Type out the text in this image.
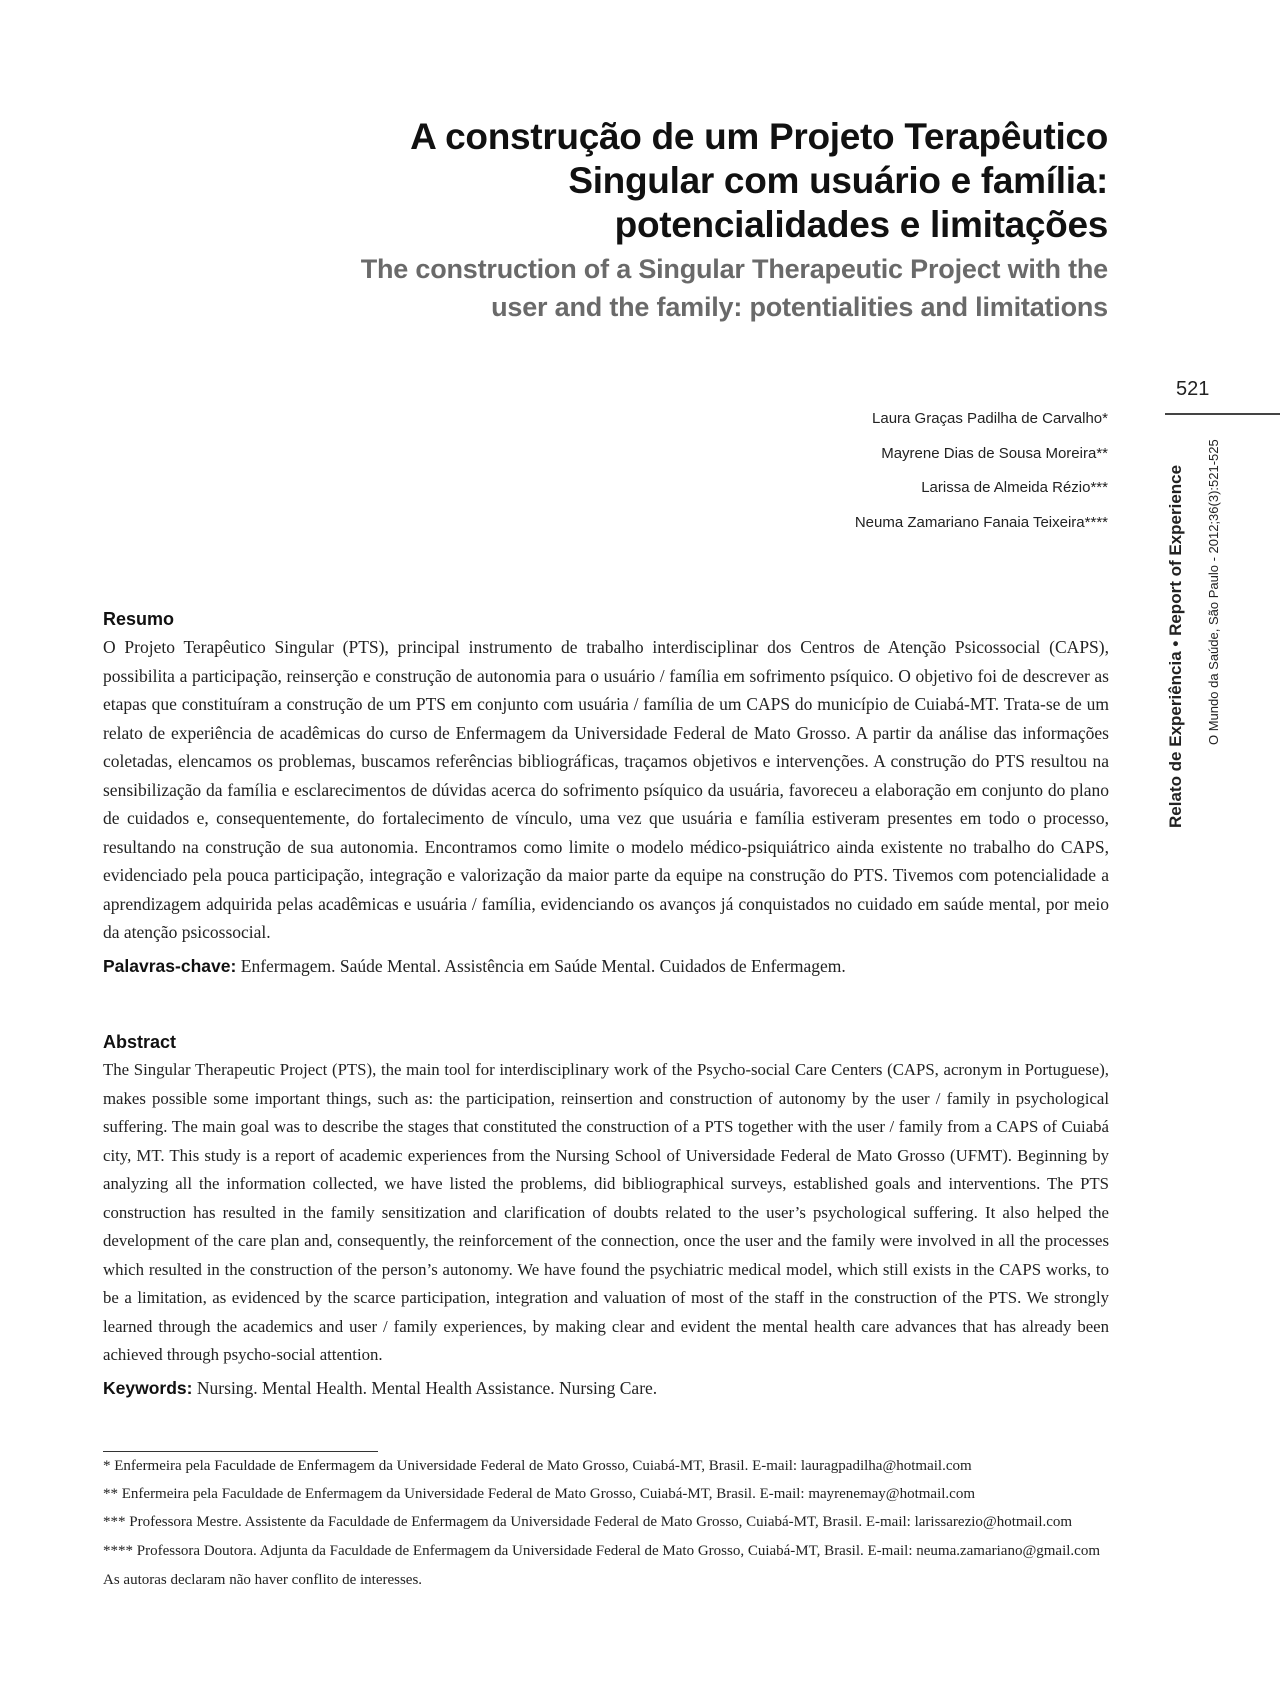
A construção de um Projeto Terapêutico
Singular com usuário e família:
potencialidades e limitações
The construction of a Singular Therapeutic Project with the
user and the family: potentialities and limitations
521
Laura Graças Padilha de Carvalho*
Mayrene Dias de Sousa Moreira**
Larissa de Almeida Rézio***
Neuma Zamariano Fanaia Teixeira****	Relato de Experiência • Report of Experience O Mundo da Saúde, São Paulo - 2012;36(3):521-525
Resumo
O Projeto Terapêutico Singular (PTS), principal instrumento de trabalho interdisciplinar dos Centros de Atenção Psicossocial (CAPS), possibilita a participação, reinserção e construção de autonomia para o usuário / família em sofrimento psíquico. O objetivo foi de descrever as etapas que constituíram a construção de um PTS em conjunto com usuária / família de um CAPS do município de Cuiabá-MT. Trata-se de um relato de experiência de acadêmicas do curso de Enfermagem da Universidade Federal de Mato Grosso. A partir da análise das informações coletadas, elencamos os problemas, buscamos referências bibliográficas, traçamos objetivos e intervenções. A construção do PTS resultou na sensibilização da família e esclarecimentos de dúvidas acerca do sofrimento psíquico da usuária, favoreceu a elaboração em conjunto do plano de cuidados e, consequentemente, do fortalecimento de vínculo, uma vez que usuária e família estiveram presentes em todo o processo, resultando na construção de sua autonomia. Encontramos como limite o modelo médico-psiquiátrico ainda existente no trabalho do CAPS, evidenciado pela pouca participação, integração e valorização da maior parte da equipe na construção do PTS. Tivemos com potencialidade a aprendizagem adquirida pelas acadêmicas e usuária / família, evidenciando os avanços já conquistados no cuidado em saúde mental, por meio da atenção psicossocial.
Palavras-chave: Enfermagem. Saúde Mental. Assistência em Saúde Mental. Cuidados de Enfermagem.
Abstract
The Singular Therapeutic Project (PTS), the main tool for interdisciplinary work of the Psycho-social Care Centers (CAPS, acronym in Portuguese), makes possible some important things, such as: the participation, reinsertion and construction of autonomy by the user / family in psychological suffering. The main goal was to describe the stages that constituted the construction of a PTS together with the user / family from a CAPS of Cuiabá city, MT. This study is a report of academic experiences from the Nursing School of Universidade Federal de Mato Grosso (UFMT). Beginning by analyzing all the information collected, we have listed the problems, did bibliographical surveys, established goals and interventions. The PTS construction has resulted in the family sensitization and clarification of doubts related to the user’s psychological suffering. It also helped the development of the care plan and, consequently, the reinforcement of the connection, once the user and the family were involved in all the processes which resulted in the construction of the person’s autonomy. We have found the psychiatric medical model, which still exists in the CAPS works, to be a limitation, as evidenced by the scarce participation, integration and valuation of most of the staff in the construction of the PTS. We strongly learned through the academics and user / family experiences, by making clear and evident the mental health care advances that has already been achieved through psycho-social attention.
Keywords: Nursing. Mental Health. Mental Health Assistance. Nursing Care.
* Enfermeira pela Faculdade de Enfermagem da Universidade Federal de Mato Grosso, Cuiabá-MT, Brasil. E-mail: lauragpadilha@hotmail.com
** Enfermeira pela Faculdade de Enfermagem da Universidade Federal de Mato Grosso, Cuiabá-MT, Brasil. E-mail: mayrenemay@hotmail.com
*** Professora Mestre. Assistente da Faculdade de Enfermagem da Universidade Federal de Mato Grosso, Cuiabá-MT, Brasil. E-mail: larissarezio@hotmail.com
**** Professora Doutora. Adjunta da Faculdade de Enfermagem da Universidade Federal de Mato Grosso, Cuiabá-MT, Brasil. E-mail: neuma.zamariano@gmail.com
As autoras declaram não haver conflito de interesses.
